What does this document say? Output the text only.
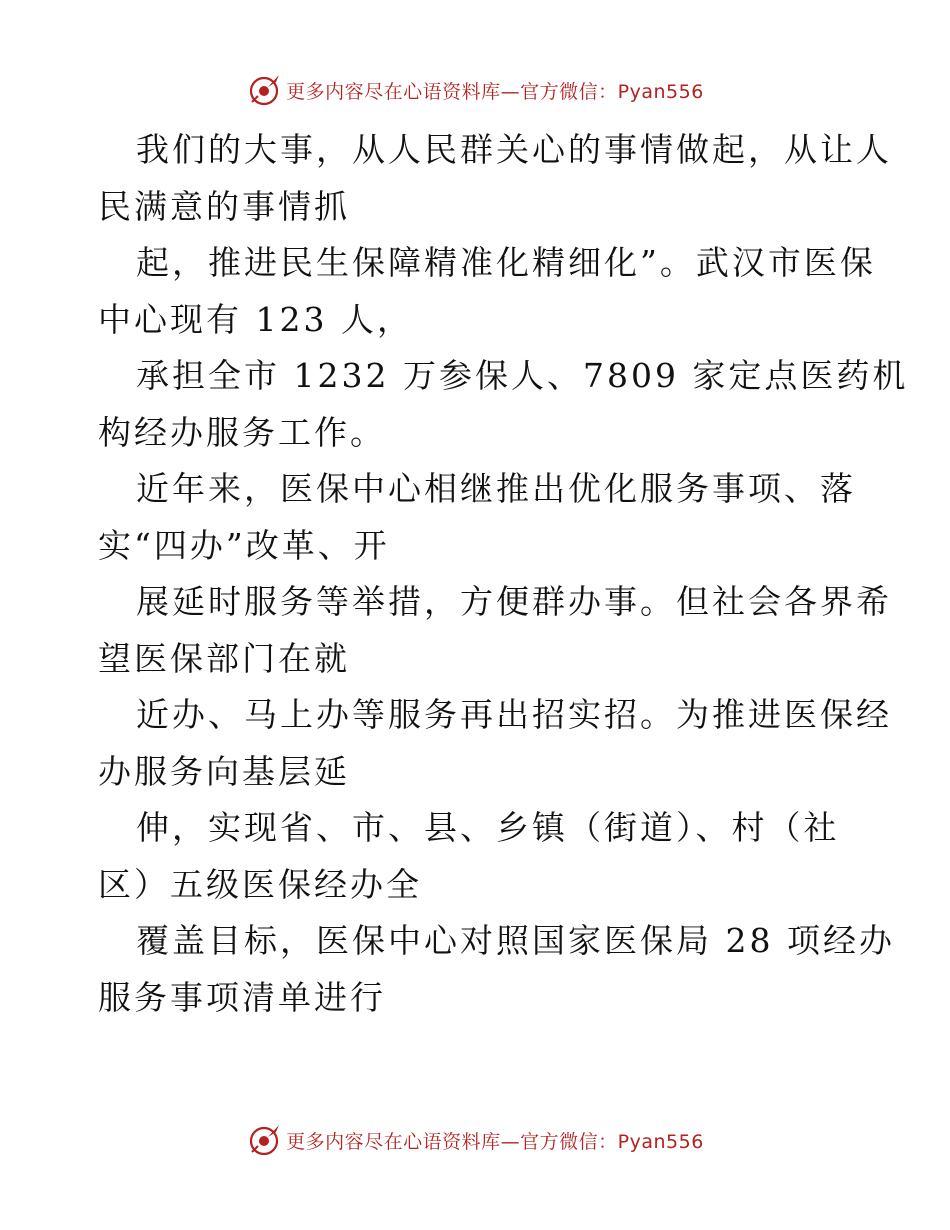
更多内容尽在心语资料库—官方微信：Pyan556
我们的大事，从人民群关心的事情做起，从让人
民满意的事情抓
起，推进民生保障精准化精细化”。武汉市医保
中心现有 123 人，
承担全市 1232 万参保人、7809 家定点医药机
构经办服务工作。
近年来，医保中心相继推出优化服务事项、落
实“四办”改革、开
展延时服务等举措，方便群办事。但社会各界希
望医保部门在就
近办、马上办等服务再出招实招。为推进医保经
办服务向基层延
伸，实现省、市、县、乡镇（街道）、村（社
区）五级医保经办全
覆盖目标，医保中心对照国家医保局 28 项经办
服务事项清单进行
更多内容尽在心语资料库—官方微信：Pyan556
